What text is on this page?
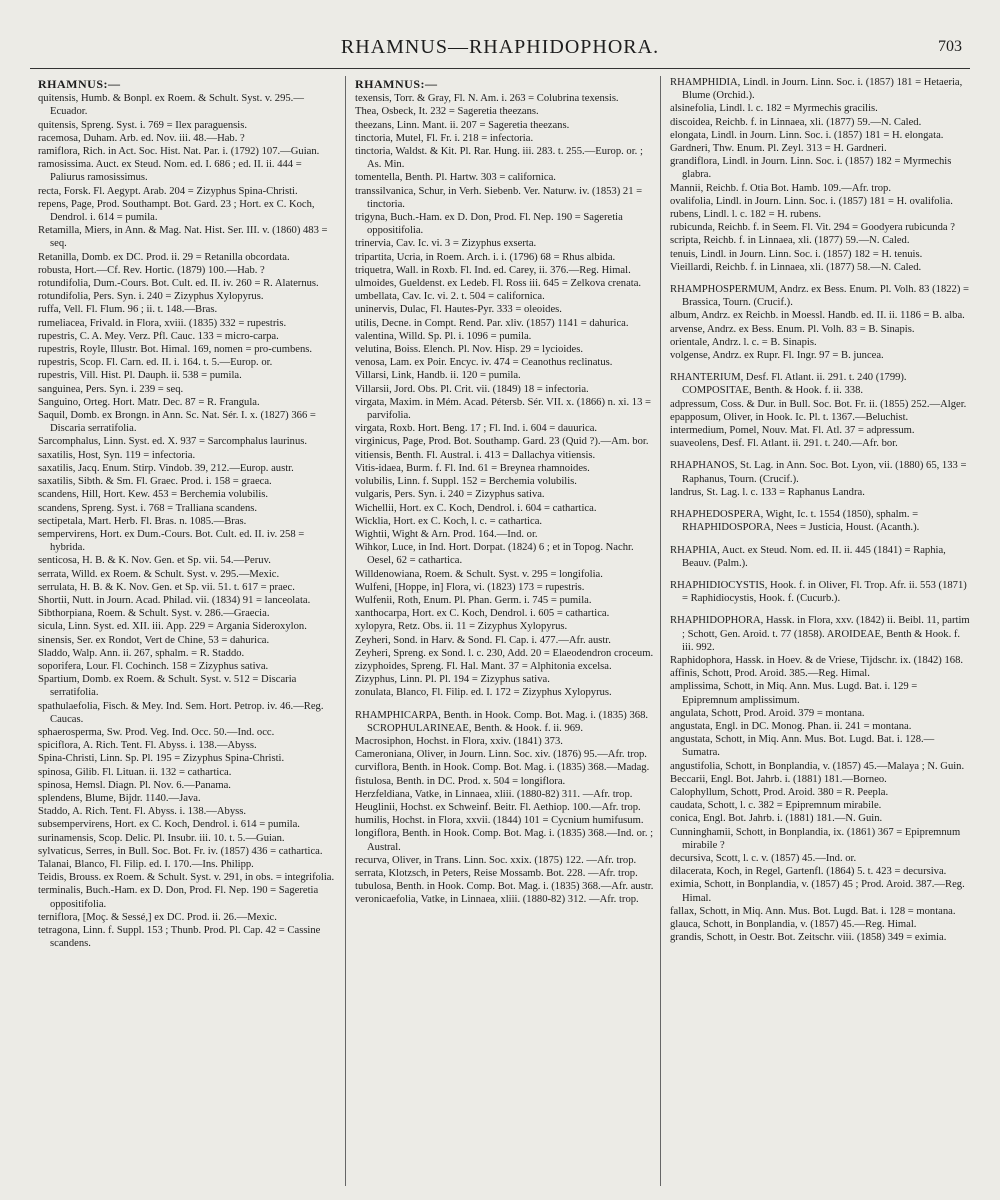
RHAMNUS—RHAPHIDOPHORA.	703
RHAMNUS:—

quitensis, Humb. & Bonpl. ex Roem. & Schult. Syst. v. 295.—Ecuador.

quitensis, Spreng. Syst. i. 769 = Ilex paraguensis.

racemosa, Duham. Arb. ed. Nov. iii. 48.—Hab. ?

ramiflora, Rich. in Act. Soc. Hist. Nat. Par. i. (1792) 107.—Guian.

ramosissima. Auct. ex Steud. Nom. ed. I. 686 ; ed. II. ii. 444 = Paliurus ramosissimus.

recta, Forsk. Fl. Aegypt. Arab. 204 = Zizyphus Spina-Christi.

repens, Page, Prod. Southampt. Bot. Gard. 23 ; Hort. ex C. Koch, Dendrol. i. 614 = pumila.

Retamilla, Miers, in Ann. & Mag. Nat. Hist. Ser. III. v. (1860) 483 = seq.

Retanilla, Domb. ex DC. Prod. ii. 29 = Retanilla obcordata.

robusta, Hort.—Cf. Rev. Hortic. (1879) 100.—Hab. ?

rotundifolia, Dum.-Cours. Bot. Cult. ed. II. iv. 260 = R. Alaternus.

rotundifolia, Pers. Syn. i. 240 = Zizyphus Xylopyrus.

ruffa, Vell. Fl. Flum. 96 ; ii. t. 148.—Bras.

rumeliacea, Frivald. in Flora, xviii. (1835) 332 = rupestris.

rupestris, C. A. Mey. Verz. Pfl. Cauc. 133 = micro-carpa.

rupestris, Royle, Illustr. Bot. Himal. 169, nomen = pro-cumbens.

rupestris, Scop. Fl. Carn. ed. II. i. 164. t. 5.—Europ. or.

rupestris, Vill. Hist. Pl. Dauph. ii. 538 = pumila.

sanguinea, Pers. Syn. i. 239 = seq.

Sanguino, Orteg. Hort. Matr. Dec. 87 = R. Frangula.

Saquil, Domb. ex Brongn. in Ann. Sc. Nat. Sér. I. x. (1827) 366 = Discaria serratifolia.

Sarcomphalus, Linn. Syst. ed. X. 937 = Sarcomphalus laurinus.

saxatilis, Host, Syn. 119 = infectoria.

saxatilis, Jacq. Enum. Stirp. Vindob. 39, 212.—Europ. austr.

saxatilis, Sibth. & Sm. Fl. Graec. Prod. i. 158 = graeca.

scandens, Hill, Hort. Kew. 453 = Berchemia volubilis.

scandens, Spreng. Syst. i. 768 = Tralliana scandens.

sectipetala, Mart. Herb. Fl. Bras. n. 1085.—Bras.

sempervirens, Hort. ex Dum.-Cours. Bot. Cult. ed. II. iv. 258 = hybrida.

senticosa, H. B. & K. Nov. Gen. et Sp. vii. 54.—Peruv.

serrata, Willd. ex Roem. & Schult. Syst. v. 295.—Mexic.

serrulata, H. B. & K. Nov. Gen. et Sp. vii. 51. t. 617 = praec.

Shortii, Nutt. in Journ. Acad. Philad. vii. (1834) 91 = lanceolata.

Sibthorpiana, Roem. & Schult. Syst. v. 286.—Graecia.

sicula, Linn. Syst. ed. XII. iii. App. 229 = Argania Sideroxylon.

sinensis, Ser. ex Rondot, Vert de Chine, 53 = dahurica.

Sladdo, Walp. Ann. ii. 267, sphalm. = R. Staddo.

soporifera, Lour. Fl. Cochinch. 158 = Zizyphus sativa.

Spartium, Domb. ex Roem. & Schult. Syst. v. 512 = Discaria serratifolia.

spathulaefolia, Fisch. & Mey. Ind. Sem. Hort. Petrop. iv. 46.—Reg. Caucas.

sphaerosperma, Sw. Prod. Veg. Ind. Occ. 50.—Ind. occ.

spiciflora, A. Rich. Tent. Fl. Abyss. i. 138.—Abyss.

Spina-Christi, Linn. Sp. Pl. 195 = Zizyphus Spina-Christi.

spinosa, Gilib. Fl. Lituan. ii. 132 = cathartica.

spinosa, Hemsl. Diagn. Pl. Nov. 6.—Panama.

splendens, Blume, Bijdr. 1140.—Java.

Staddo, A. Rich. Tent. Fl. Abyss. i. 138.—Abyss.

subsempervirens, Hort. ex C. Koch, Dendrol. i. 614 = pumila.

surinamensis, Scop. Delic. Pl. Insubr. iii. 10. t. 5.—Guian.

sylvaticus, Serres, in Bull. Soc. Bot. Fr. iv. (1857) 436 = cathartica.

Talanai, Blanco, Fl. Filip. ed. I. 170.—Ins. Philipp.

Teidis, Brouss. ex Roem. & Schult. Syst. v. 291, in obs. = integrifolia.

terminalis, Buch.-Ham. ex D. Don, Prod. Fl. Nep. 190 = Sageretia oppositifolia.

terniflora, [Moç. & Sessé,] ex DC. Prod. ii. 26.—Mexic.

tetragona, Linn. f. Suppl. 153 ; Thunb. Prod. Pl. Cap. 42 = Cassine scandens.

RHAMNUS:—

texensis, Torr. & Gray, Fl. N. Am. i. 263 = Colubrina texensis.

Thea, Osbeck, It. 232 = Sageretia theezans.

theezans, Linn. Mant. ii. 207 = Sageretia theezans.

tinctoria, Mutel, Fl. Fr. i. 218 = infectoria.

tinctoria, Waldst. & Kit. Pl. Rar. Hung. iii. 283. t. 255.—Europ. or. ; As. Min.

tomentella, Benth. Pl. Hartw. 303 = californica.

transsilvanica, Schur, in Verh. Siebenb. Ver. Naturw. iv. (1853) 21 = tinctoria.

trigyna, Buch.-Ham. ex D. Don, Prod. Fl. Nep. 190 = Sageretia oppositifolia.

trinervia, Cav. Ic. vi. 3 = Zizyphus exserta.

tripartita, Ucria, in Roem. Arch. i. i. (1796) 68 = Rhus albida.

triquetra, Wall. in Roxb. Fl. Ind. ed. Carey, ii. 376.—Reg. Himal.

ulmoides, Gueldenst. ex Ledeb. Fl. Ross iii. 645 = Zelkova crenata.

umbellata, Cav. Ic. vi. 2. t. 504 = californica.

uninervis, Dulac, Fl. Hautes-Pyr. 333 = oleoides.

utilis, Decne. in Compt. Rend. Par. xliv. (1857) 1141 = dahurica.

valentina, Willd. Sp. Pl. i. 1096 = pumila.

velutina, Boiss. Elench. Pl. Nov. Hisp. 29 = lycioides.

venosa, Lam. ex Poir. Encyc. iv. 474 = Ceanothus reclinatus.

Villarsi, Link, Handb. ii. 120 = pumila.

Villarsii, Jord. Obs. Pl. Crit. vii. (1849) 18 = infectoria.

virgata, Maxim. in Mém. Acad. Pétersb. Sér. VII. x. (1866) n. xi. 13 = parvifolia.

virgata, Roxb. Hort. Beng. 17 ; Fl. Ind. i. 604 = dauurica.

virginicus, Page, Prod. Bot. Southamp. Gard. 23 (Quid ?).—Am. bor.

vitiensis, Benth. Fl. Austral. i. 413 = Dallachya vitiensis.

Vitis-idaea, Burm. f. Fl. Ind. 61 = Breynea rhamnoides.

volubilis, Linn. f. Suppl. 152 = Berchemia volubilis.

vulgaris, Pers. Syn. i. 240 = Zizyphus sativa.

Wichellii, Hort. ex C. Koch, Dendrol. i. 604 = cathartica.

Wicklia, Hort. ex C. Koch, l. c. = cathartica.

Wightii, Wight & Arn. Prod. 164.—Ind. or.

Wihkor, Luce, in Ind. Hort. Dorpat. (1824) 6 ; et in Topog. Nachr. Oesel, 62 = cathartica.

Willdenowiana, Roem. & Schult. Syst. v. 295 = longifolia.

Wulfeni, [Hoppe, in] Flora, vi. (1823) 173 = rupestris.

Wulfenii, Roth, Enum. Pl. Phan. Germ. i. 745 = pumila.

xanthocarpa, Hort. ex C. Koch, Dendrol. i. 605 = cathartica.

xylopyra, Retz. Obs. ii. 11 = Zizyphus Xylopyrus.

Zeyheri, Sond. in Harv. & Sond. Fl. Cap. i. 477.—Afr. austr.

Zeyheri, Spreng. ex Sond. l. c. 230, Add. 20 = Elaeodendron croceum.

zizyphoides, Spreng. Fl. Hal. Mant. 37 = Alphitonia excelsa.

Zizyphus, Linn. Pl. Pl. 194 = Zizyphus sativa.

zonulata, Blanco, Fl. Filip. ed. I. 172 = Zizyphus Xylopyrus.

RHAMPHICARPA, Benth. in Hook. Comp. Bot. Mag. i. (1835) 368. SCROPHULARINEAE, Benth. & Hook. f. ii. 969.

Macrosiphon, Hochst. in Flora, xxiv. (1841) 373.

Cameroniana, Oliver, in Journ. Linn. Soc. xiv. (1876) 95.—Afr. trop.

curviflora, Benth. in Hook. Comp. Bot. Mag. i. (1835) 368.—Madag.

fistulosa, Benth. in DC. Prod. x. 504 = longiflora.

Herzfeldiana, Vatke, in Linnaea, xliii. (1880-82) 311. —Afr. trop.

Heuglinii, Hochst. ex Schweinf. Beitr. Fl. Aethiop. 100.—Afr. trop.

humilis, Hochst. in Flora, xxvii. (1844) 101 = Cycnium humifusum.

longiflora, Benth. in Hook. Comp. Bot. Mag. i. (1835) 368.—Ind. or. ; Austral.

recurva, Oliver, in Trans. Linn. Soc. xxix. (1875) 122. —Afr. trop.

serrata, Klotzsch, in Peters, Reise Mossamb. Bot. 228. —Afr. trop.

tubulosa, Benth. in Hook. Comp. Bot. Mag. i. (1835) 368.—Afr. austr.

veronicaefolia, Vatke, in Linnaea, xliii. (1880-82) 312. —Afr. trop.

RHAMPHIDIA, Lindl. in Journ. Linn. Soc. i. (1857) 181 = Hetaeria, Blume (Orchid.).

alsinefolia, Lindl. l. c. 182 = Myrmechis gracilis.

discoidea, Reichb. f. in Linnaea, xli. (1877) 59.—N. Caled.

elongata, Lindl. in Journ. Linn. Soc. i. (1857) 181 = H. elongata.

Gardneri, Thw. Enum. Pl. Zeyl. 313 = H. Gardneri.

grandiflora, Lindl. in Journ. Linn. Soc. i. (1857) 182 = Myrmechis glabra.

Mannii, Reichb. f. Otia Bot. Hamb. 109.—Afr. trop.

ovalifolia, Lindl. in Journ. Linn. Soc. i. (1857) 181 = H. ovalifolia.

rubens, Lindl. l. c. 182 = H. rubens.

rubicunda, Reichb. f. in Seem. Fl. Vit. 294 = Goodyera rubicunda ?

scripta, Reichb. f. in Linnaea, xli. (1877) 59.—N. Caled.

tenuis, Lindl. in Journ. Linn. Soc. i. (1857) 182 = H. tenuis.

Vieillardi, Reichb. f. in Linnaea, xli. (1877) 58.—N. Caled.

RHAMPHOSPERMUM, Andrz. ex Bess. Enum. Pl. Volh. 83 (1822) = Brassica, Tourn. (Crucif.).

album, Andrz. ex Reichb. in Moessl. Handb. ed. II. ii. 1186 = B. alba.

arvense, Andrz. ex Bess. Enum. Pl. Volh. 83 = B. Sinapis.

orientale, Andrz. l. c. = B. Sinapis.

volgense, Andrz. ex Rupr. Fl. Ingr. 97 = B. juncea.

RHANTERIUM, Desf. Fl. Atlant. ii. 291. t. 240 (1799). COMPOSITAE, Benth. & Hook. f. ii. 338.

adpressum, Coss. & Dur. in Bull. Soc. Bot. Fr. ii. (1855) 252.—Alger.

epapposum, Oliver, in Hook. Ic. Pl. t. 1367.—Beluchist.

intermedium, Pomel, Nouv. Mat. Fl. Atl. 37 = adpressum.

suaveolens, Desf. Fl. Atlant. ii. 291. t. 240.—Afr. bor.

RHAPHANOS, St. Lag. in Ann. Soc. Bot. Lyon, vii. (1880) 65, 133 = Raphanus, Tourn. (Crucif.).

landrus, St. Lag. l. c. 133 = Raphanus Landra.

RHAPHEDOSPERA, Wight, Ic. t. 1554 (1850), sphalm. = RHAPHIDOSPORA, Nees = Justicia, Houst. (Acanth.).

RHAPHIA, Auct. ex Steud. Nom. ed. II. ii. 445 (1841) = Raphia, Beauv. (Palm.).

RHAPHIDIOCYSTIS, Hook. f. in Oliver, Fl. Trop. Afr. ii. 553 (1871) = Raphidiocystis, Hook. f. (Cucurb.).

RHAPHIDOPHORA, Hassk. in Flora, xxv. (1842) ii. Beibl. 11, partim ; Schott, Gen. Aroid. t. 77 (1858). AROIDEAE, Benth & Hook. f. iii. 992.

Raphidophora, Hassk. in Hoev. & de Vriese, Tijdschr. ix. (1842) 168.

affinis, Schott, Prod. Aroid. 385.—Reg. Himal.

amplissima, Schott, in Miq. Ann. Mus. Lugd. Bat. i. 129 = Epipremnum amplissimum.

angulata, Schott, Prod. Aroid. 379 = montana.

angustata, Engl. in DC. Monog. Phan. ii. 241 = montana.

angustata, Schott, in Miq. Ann. Mus. Bot. Lugd. Bat. i. 128.—Sumatra.

angustifolia, Schott, in Bonplandia, v. (1857) 45.—Malaya ; N. Guin.

Beccarii, Engl. Bot. Jahrb. i. (1881) 181.—Borneo.

Calophyllum, Schott, Prod. Aroid. 380 = R. Peepla.

caudata, Schott, l. c. 382 = Epipremnum mirabile.

conica, Engl. Bot. Jahrb. i. (1881) 181.—N. Guin.

Cunninghamii, Schott, in Bonplandia, ix. (1861) 367 = Epipremnum mirabile ?

decursiva, Scott, l. c. v. (1857) 45.—Ind. or.

dilacerata, Koch, in Regel, Gartenfl. (1864) 5. t. 423 = decursiva.

eximia, Schott, in Bonplandia, v. (1857) 45 ; Prod. Aroid. 387.—Reg. Himal.

fallax, Schott, in Miq. Ann. Mus. Bot. Lugd. Bat. i. 128 = montana.

glauca, Schott, in Bonplandia, v. (1857) 45.—Reg. Himal.

grandis, Schott, in Oestr. Bot. Zeitschr. viii. (1858) 349 = eximia.
